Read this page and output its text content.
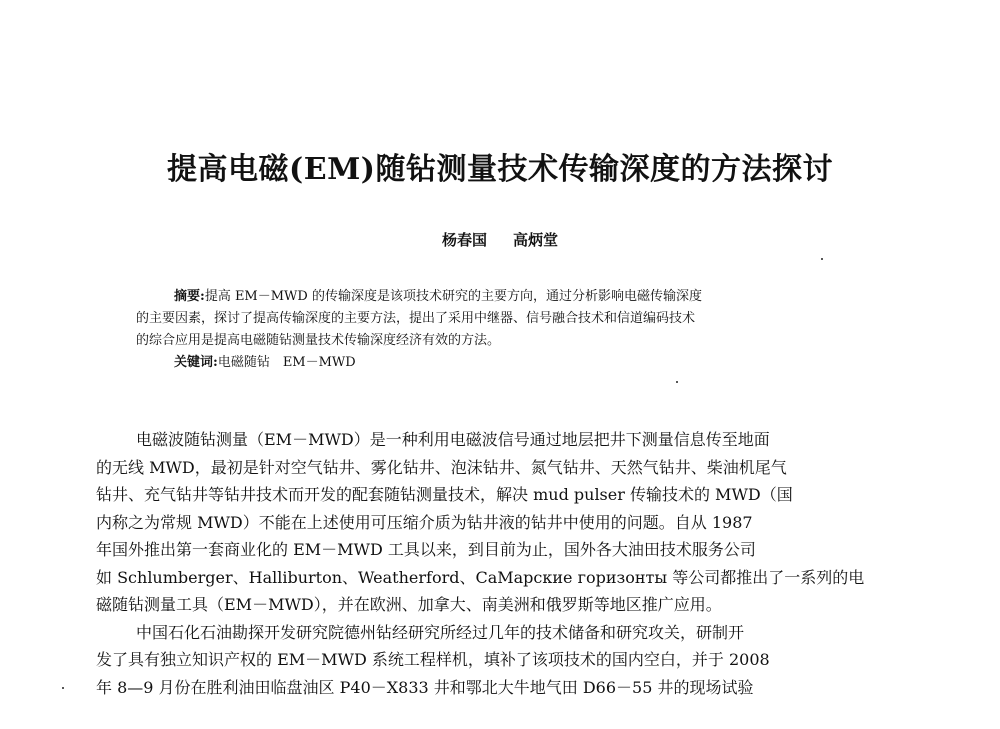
提高电磁(EM)随钻测量技术传输深度的方法探讨
杨春国 高炳堂
摘要:提高 EM－MWD 的传输深度是该项技术研究的主要方向，通过分析影响电磁传输深度
的主要因素，探讨了提高传输深度的主要方法，提出了采用中继器、信号融合技术和信道编码技术
的综合应用是提高电磁随钻测量技术传输深度经济有效的方法。
关键词:电磁随钻　EM－MWD
电磁波随钻测量（EM－MWD）是一种利用电磁波信号通过地层把井下测量信息传至地面
的无线 MWD，最初是针对空气钻井、雾化钻井、泡沫钻井、氮气钻井、天然气钻井、柴油机尾气
钻井、充气钻井等钻井技术而开发的配套随钻测量技术，解决 mud pulser 传输技术的 MWD（国
内称之为常规 MWD）不能在上述使用可压缩介质为钻井液的钻井中使用的问题。自从 1987
年国外推出第一套商业化的 EM－MWD 工具以来，到目前为止，国外各大油田技术服务公司
如 Schlumberger、Halliburton、Weatherford、СаМарские горизонты 等公司都推出了一系列的电
磁随钻测量工具（EM－MWD），并在欧洲、加拿大、南美洲和俄罗斯等地区推广应用。
中国石化石油勘探开发研究院德州钻经研究所经过几年的技术储备和研究攻关，研制开
发了具有独立知识产权的 EM－MWD 系统工程样机，填补了该项技术的国内空白，并于 2008
年 8—9 月份在胜利油田临盘油区 P40－X833 井和鄂北大牛地气田 D66－55 井的现场试验
